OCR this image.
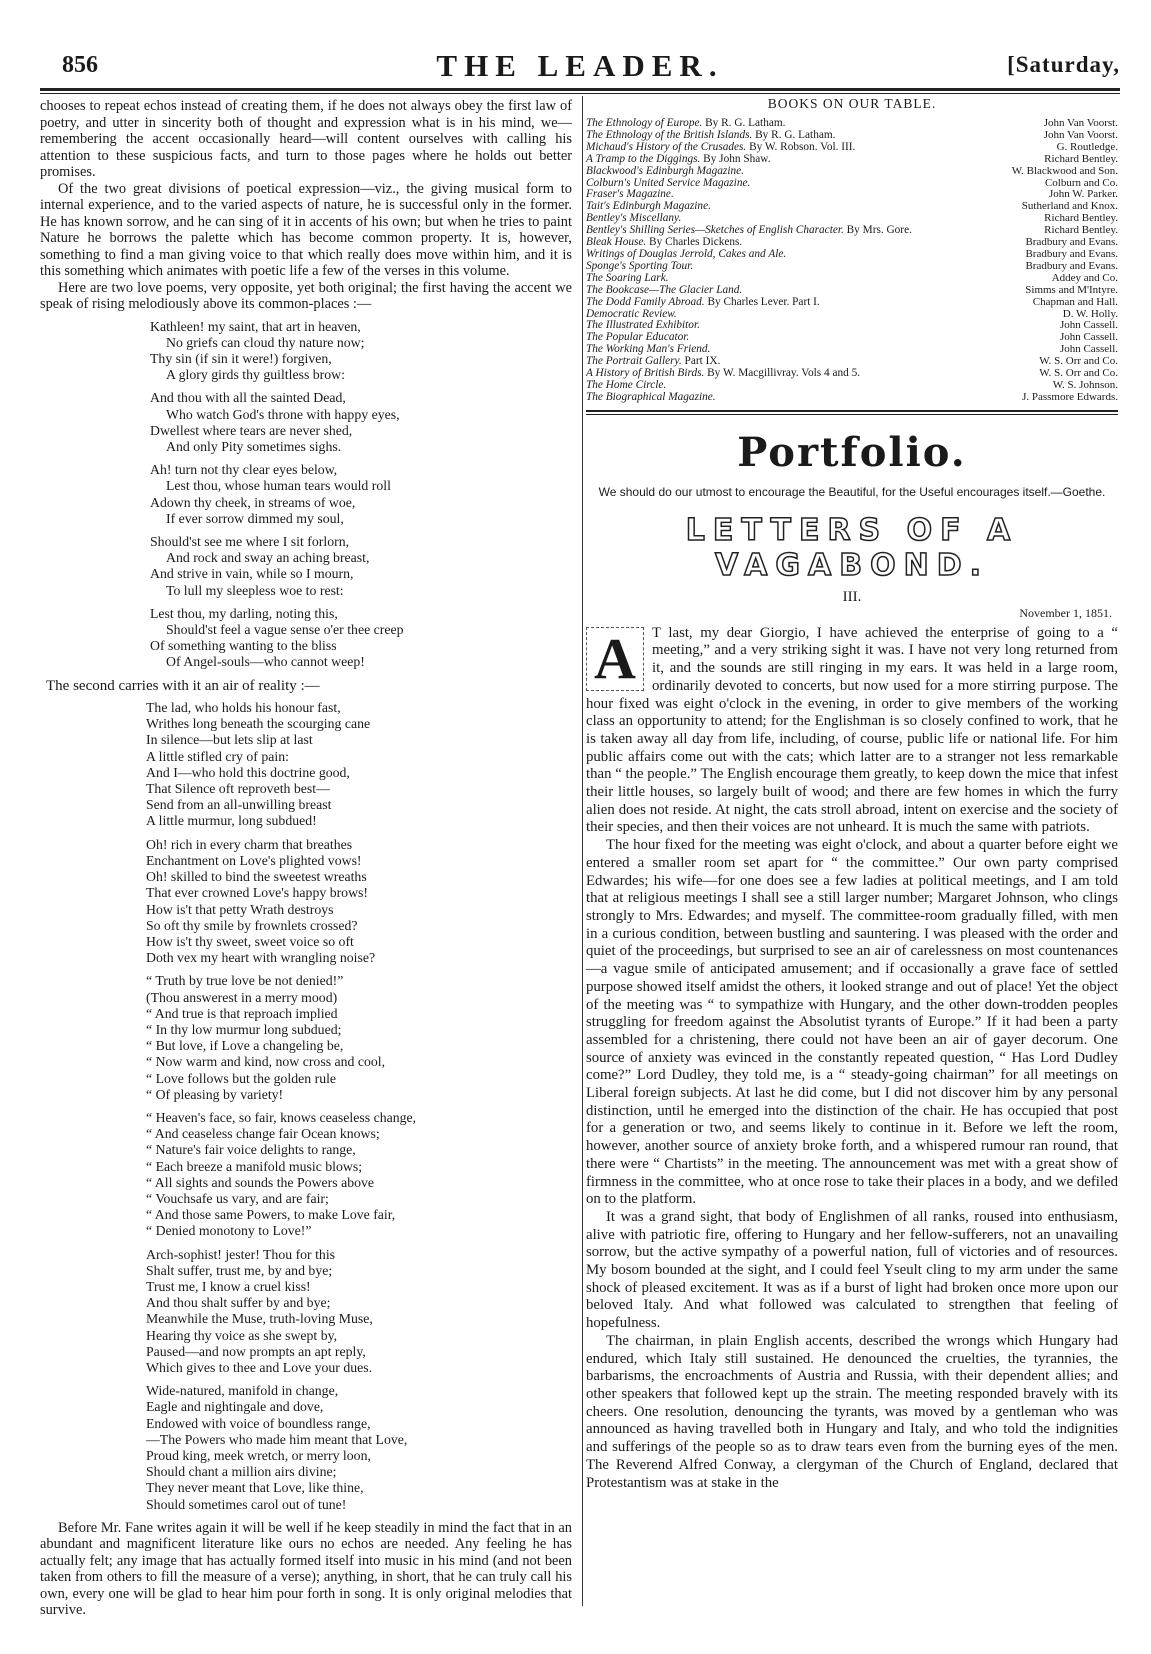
856	THE LEADER.	[Saturday,

chooses to repeat echos instead of creating them, if he does not always obey the first law of poetry, and utter in sincerity both of thought and expression what is in his mind, we—remembering the accent occasionally heard—will content ourselves with calling his attention to these suspicious facts, and turn to those pages where he holds out better promises.

Of the two great divisions of poetical expression—viz., the giving musical form to internal experience, and to the varied aspects of nature, he is successful only in the former. He has known sorrow, and he can sing of it in accents of his own; but when he tries to paint Nature he borrows the palette which has become common property. It is, however, something to find a man giving voice to that which really does move within him, and it is this something which animates with poetic life a few of the verses in this volume.

Here are two love poems, very opposite, yet both original; the first having the accent we speak of rising melodiously above its common-places :—

Kathleen! my saint, that art in heaven,
No griefs can cloud thy nature now;
Thy sin (if sin it were!) forgiven,
A glory girds thy guiltless brow:
And thou with all the sainted Dead,
Who watch God's throne with happy eyes,
Dwellest where tears are never shed,
And only Pity sometimes sighs.
Ah! turn not thy clear eyes below,
Lest thou, whose human tears would roll
Adown thy cheek, in streams of woe,
If ever sorrow dimmed my soul,
Should'st see me where I sit forlorn,
And rock and sway an aching breast,
And strive in vain, while so I mourn,
To lull my sleepless woe to rest:
Lest thou, my darling, noting this,
Should'st feel a vague sense o'er thee creep
Of something wanting to the bliss
Of Angel-souls—who cannot weep!
The second carries with it an air of reality :—
The lad, who holds his honour fast,
Writhes long beneath the scourging cane
In silence—but lets slip at last
A little stifled cry of pain:
And I—who hold this doctrine good,
That Silence oft reproveth best—
Send from an all-unwilling breast
A little murmur, long subdued!
Oh! rich in every charm that breathes
Enchantment on Love's plighted vows!
Oh! skilled to bind the sweetest wreaths
That ever crowned Love's happy brows!
How is't that petty Wrath destroys
So oft thy smile by frownlets crossed?
How is't thy sweet, sweet voice so oft
Doth vex my heart with wrangling noise?
“ Truth by true love be not denied!”
(Thou answerest in a merry mood)
“ And true is that reproach implied
“ In thy low murmur long subdued;
“ But love, if Love a changeling be,
“ Now warm and kind, now cross and cool,
“ Love follows but the golden rule
“ Of pleasing by variety!
“ Heaven's face, so fair, knows ceaseless change,
“ And ceaseless change fair Ocean knows;
“ Nature's fair voice delights to range,
“ Each breeze a manifold music blows;
“ All sights and sounds the Powers above
“ Vouchsafe us vary, and are fair;
“ And those same Powers, to make Love fair,
“ Denied monotony to Love!”
Arch-sophist! jester! Thou for this
Shalt suffer, trust me, by and bye;
Trust me, I know a cruel kiss!
And thou shalt suffer by and bye;
Meanwhile the Muse, truth-loving Muse,
Hearing thy voice as she swept by,
Paused—and now prompts an apt reply,
Which gives to thee and Love your dues.
Wide-natured, manifold in change,
Eagle and nightingale and dove,
Endowed with voice of boundless range,
—The Powers who made him meant that Love,
Proud king, meek wretch, or merry loon,
Should chant a million airs divine;
They never meant that Love, like thine,
Should sometimes carol out of tune!

Before Mr. Fane writes again it will be well if he keep steadily in mind the fact that in an abundant and magnificent literature like ours no echos are needed. Any feeling he has actually felt; any image that has actually formed itself into music in his mind (and not been taken from others to fill the measure of a verse); anything, in short, that he can truly call his own, every one will be glad to hear him pour forth in song. It is only original melodies that survive.

BOOKS ON OUR TABLE.
The Ethnology of Europe. By R. G. Latham.	John Van Voorst.
The Ethnology of the British Islands. By R. G. Latham.	John Van Voorst.
Michaud's History of the Crusades. By W. Robson. Vol. III.	G. Routledge.
A Tramp to the Diggings. By John Shaw.	Richard Bentley.
Blackwood's Edinburgh Magazine.	W. Blackwood and Son.
Colburn's United Service Magazine.	Colburn and Co.
Fraser's Magazine.	John W. Parker.
Tait's Edinburgh Magazine.	Sutherland and Knox.
Bentley's Miscellany.	Richard Bentley.
Bentley's Shilling Series—Sketches of English Character. By Mrs. Gore.	Richard Bentley.
Bleak House. By Charles Dickens.	Bradbury and Evans.
Writings of Douglas Jerrold, Cakes and Ale.	Bradbury and Evans.
Sponge's Sporting Tour.	Bradbury and Evans.
The Soaring Lark.	Addey and Co.
The Bookcase—The Glacier Land.	Simms and M'Intyre.
The Dodd Family Abroad. By Charles Lever. Part I.	Chapman and Hall.
Democratic Review.	D. W. Holly.
The Illustrated Exhibitor.	John Cassell.
The Popular Educator.	John Cassell.
The Working Man's Friend.	John Cassell.
The Portrait Gallery. Part IX.	W. S. Orr and Co.
A History of British Birds. By W. Macgillivray. Vols 4 and 5.	W. S. Orr and Co.
The Home Circle.	W. S. Johnson.
The Biographical Magazine.	J. Passmore Edwards.
Portfolio.
We should do our utmost to encourage the Beautiful, for the Useful encourages itself.—Goethe.
LETTERS OF A VAGABOND.
III.
November 1, 1851.

A	T last, my dear Giorgio, I have achieved the enterprise of going to a “ meeting,” and a very striking sight it was. I have not very long returned from it, and the sounds are still ringing in my ears. It was held in a large room, ordinarily devoted to concerts, but now used for a more stirring purpose. The hour fixed was eight o'clock in the evening, in order to give members of the working class an opportunity to attend; for the Englishman is so closely confined to work, that he is taken away all day from life, including, of course, public life or national life. For him public affairs come out with the cats; which latter are to a stranger not less remarkable than “ the people.” The English encourage them greatly, to keep down the mice that infest their little houses, so largely built of wood; and there are few homes in which the furry alien does not reside. At night, the cats stroll abroad, intent on exercise and the society of their species, and then their voices are not unheard. It is much the same with patriots.

The hour fixed for the meeting was eight o'clock, and about a quarter before eight we entered a smaller room set apart for “ the committee.” Our own party comprised Edwardes; his wife—for one does see a few ladies at political meetings, and I am told that at religious meetings I shall see a still larger number; Margaret Johnson, who clings strongly to Mrs. Edwardes; and myself. The committee-room gradually filled, with men in a curious condition, between bustling and sauntering. I was pleased with the order and quiet of the proceedings, but surprised to see an air of carelessness on most countenances—a vague smile of anticipated amusement; and if occasionally a grave face of settled purpose showed itself amidst the others, it looked strange and out of place! Yet the object of the meeting was “ to sympathize with Hungary, and the other down-trodden peoples struggling for freedom against the Absolutist tyrants of Europe.” If it had been a party assembled for a christening, there could not have been an air of gayer decorum. One source of anxiety was evinced in the constantly repeated question, “ Has Lord Dudley come?” Lord Dudley, they told me, is a “ steady-going chairman” for all meetings on Liberal foreign subjects. At last he did come, but I did not discover him by any personal distinction, until he emerged into the distinction of the chair. He has occupied that post for a generation or two, and seems likely to continue in it. Before we left the room, however, another source of anxiety broke forth, and a whispered rumour ran round, that there were “ Chartists” in the meeting. The announcement was met with a great show of firmness in the committee, who at once rose to take their places in a body, and we defiled on to the platform.

It was a grand sight, that body of Englishmen of all ranks, roused into enthusiasm, alive with patriotic fire, offering to Hungary and her fellow-sufferers, not an unavailing sorrow, but the active sympathy of a powerful nation, full of victories and of resources. My bosom bounded at the sight, and I could feel Yseult cling to my arm under the same shock of pleased excitement. It was as if a burst of light had broken once more upon our beloved Italy. And what followed was calculated to strengthen that feeling of hopefulness.

The chairman, in plain English accents, described the wrongs which Hungary had endured, which Italy still sustained. He denounced the cruelties, the tyrannies, the barbarisms, the encroachments of Austria and Russia, with their dependent allies; and other speakers that followed kept up the strain. The meeting responded bravely with its cheers. One resolution, denouncing the tyrants, was moved by a gentleman who was announced as having travelled both in Hungary and Italy, and who told the indignities and sufferings of the people so as to draw tears even from the burning eyes of the men. The Reverend Alfred Conway, a clergyman of the Church of England, declared that Protestantism was at stake in the
